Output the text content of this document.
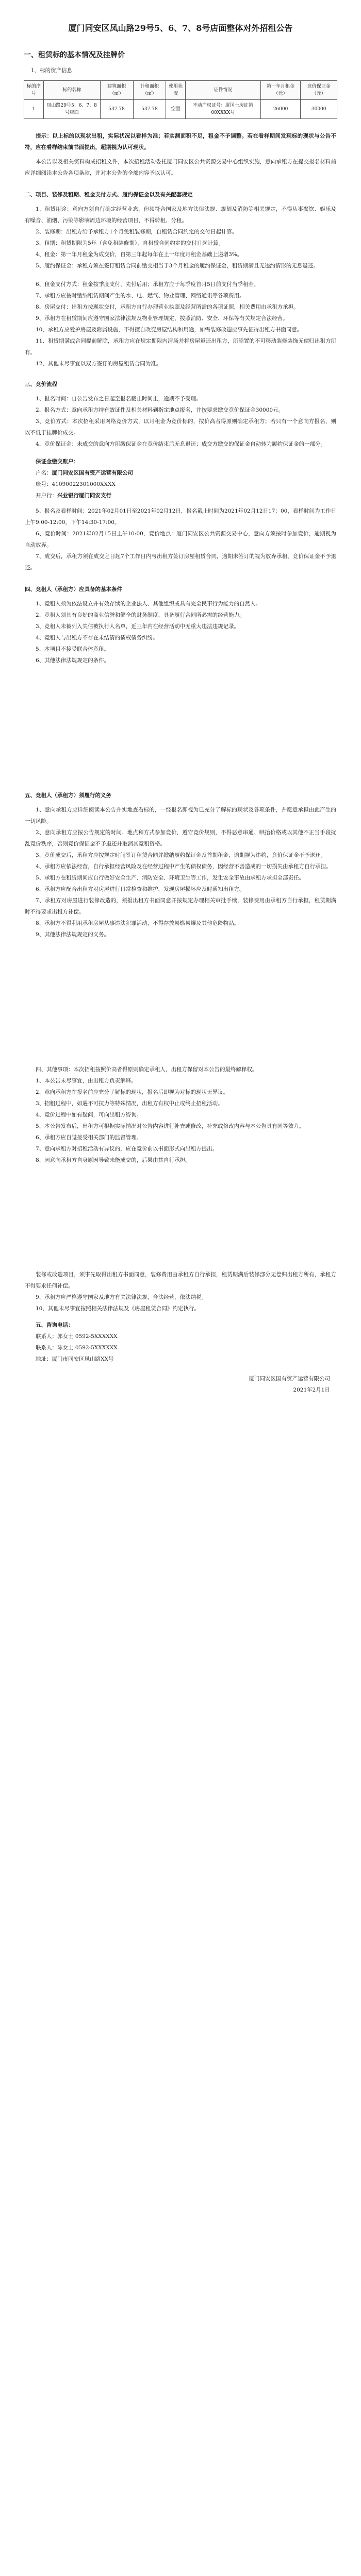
厦门同安区凤山路29号5、6、7、8号店面整体对外招租公告
一、租赁标的基本情况及挂牌价
1、标的资产信息
标的序号	标的名称	建筑面积（㎡）	计租面积（㎡）	使用状况	证件情况	第一年月租金（元）	竞价保证金（元）
1	凤山路29号5、6、7、8号店面	537.78	537.78	空置	不动产权证号：厦国土房证第00XXXX号	26000	30000
提示：以上标的以现状出租，实际状况以看样为准；若实测面积不足，租金不予调整。若在看样期间发现标的现状与公告不符，应在看样结束前书面提出，超期视为认可现状。
本公告以及相关资料构成招租文件，本次招租活动委托厦门同安区公共资源交易中心组织实施，意向承租方在提交报名材料前应详细阅读本公告各项条款，并对本公告的全部内容予以认可。
二、项目、装修及租期、租金支付方式、履约保证金以及有关配套规定
1、租赁用途：意向方须自行确定经营业态，但须符合国家及地方法律法规、规划及消防等相关规定，不得从事餐饮、娱乐及有噪音、油烟、污染等影响周边环境的经营项目，不得转租、分租。
2、装修期：出租方给予承租方1个月免租装修期，自租赁合同约定的交付日起计算。
3、租期：租赁期限为5年（含免租装修期），自租赁合同约定的交付日起计算。
4、租金：第一年月租金为成交价，自第三年起每年在上一年度月租金基础上递增3%。
5、履约保证金：承租方须在签订租赁合同前缴交相当于3个月租金的履约保证金，租赁期满且无违约情形的无息退还。
6、租金支付方式：租金按季度支付，先付后用；承租方应于每季度首月5日前支付当季租金。
7、承租方应按时缴纳租赁期间产生的水、电、燃气、物业管理、网络通讯等各项费用。
8、房屋交付：出租方按现状交付，承租方自行办理营业执照及经营所需的各项证照，相关费用由承租方承担。
9、承租方在租赁期间应遵守国家法律法规及物业管理规定，按照消防、安全、环保等有关规定合法经营。
10、承租方应爱护房屋及附属设施，不得擅自改变房屋结构和用途，如需装修改造应事先征得出租方书面同意。
11、租赁期满或合同提前解除，承租方应在规定期限内清场并将房屋返还出租方，所添置的不可移动装修装饰无偿归出租方所有。
12、其他未尽事宜以双方签订的房屋租赁合同为准。
三、竞价流程
1、报名时间：自公告发布之日起至报名截止时间止，逾期不予受理。
2、报名方式：意向承租方持有效证件及相关材料到指定地点报名，并按要求缴交竞价保证金30000元。
3、竞价方式：本次招租采用网络竞价方式，以月租金为竞价标的，按价高者得原则确定承租方；若只有一个意向方报名，则以不低于挂牌价成交。
4、竞价保证金：未成交的意向方所缴保证金在竞价结束后无息退还；成交方缴交的保证金自动转为履约保证金的一部分。
保证金缴交账户：
户名：厦门同安区国有资产运营有限公司
账号：41090022301000XXXX
开户行：兴业银行厦门同安支行
5、报名及看样时间：2021年02月01日至2021年02月12日，报名截止时间为2021年02月12日17：00，看样时间为工作日上午9:00-12:00，下午14:30-17:00。
6、竞价时间：2021年02月15日上午10:00，竞价地点：厦门同安区公共资源交易中心，意向方须按时参加竞价，逾期视为自动放弃。
7、成交后，承租方须在成交之日起7个工作日内与出租方签订房屋租赁合同，逾期未签订的视为放弃承租，竞价保证金不予退还。
四、竞租人（承租方）应具备的基本条件
1、竞租人须为依法设立并有效存续的企业法人、其他组织或具有完全民事行为能力的自然人。
2、竞租人须具有良好的商业信誉和健全的财务制度，具备履行合同所必需的经营能力。
3、竞租人未被列入失信被执行人名单，近三年内在经营活动中无重大违法违规记录。
4、竞租人与出租方不存在未结清的债权债务纠纷。
5、本项目不接受联合体竞租。
6、其他法律法规规定的条件。
五、竞租人（承租方）须履行的义务
1、意向承租方应详细阅读本公告并实地查看标的，一经报名即视为已充分了解标的现状及各项条件，并愿意承担由此产生的一切风险。
2、意向承租方应按公告规定的时间、地点和方式参加竞价，遵守竞价规则，不得恶意串通、哄抬价格或以其他不正当手段扰乱竞价秩序，否则竞价保证金不予退还并取消其竞租资格。
3、竞价成交后，承租方应按规定时间签订租赁合同并缴纳履约保证金及首期租金，逾期视为违约，竞价保证金不予退还。
4、承租方应依法经营，自行承担经营风险及在经营过程中产生的债权债务，因经营不善造成的一切损失由承租方自行承担。
5、承租方在租赁期间应自行做好安全生产、消防安全、环境卫生等工作，发生安全事故由承租方承担全部责任。
6、承租方应配合出租方对房屋进行日常检查和维护，发现房屋损坏应及时通知出租方。
7、承租方对房屋进行装修改造的，须报出租方书面同意并按规定办理相关审批手续，装修费用由承租方自行承担，租赁期满时不得要求出租方补偿。
8、承租方不得利用承租房屋从事违法犯罪活动，不得存放易燃易爆及其他危险物品。
9、其他法律法规规定的义务。
四、其他事项：本次招租按照价高者得原则确定承租人，出租方保留对本公告的最终解释权。
1、本公告未尽事宜，由出租方负责解释。
2、意向承租方在报名前应充分了解标的现状，报名后即视为对标的现状无异议。
3、招租过程中，如遇不可抗力等特殊情况，出租方有权中止或终止招租活动。
4、竞价过程中如有疑问，可向出租方咨询。
5、本公告发布后，出租方可根据实际情况对公告内容进行补充或修改，补充或修改内容与本公告具有同等效力。
6、承租方应自觉接受相关部门的监督管理。
7、意向承租方对招租活动有异议的，应在竞价前以书面形式向出租方提出。
8、因意向承租方自身原因导致未能成交的，后果由其自行承担。
装修或改造项目，须事先取得出租方书面同意，装修费用由承租方自行承担，租赁期满后装修部分无偿归出租方所有，承租方不得要求任何补偿。
9、承租方应严格遵守国家及地方有关法律法规，合法经营，依法纳税。
10、其他未尽事宜按照相关法律法规及《房屋租赁合同》约定执行。
五、咨询电话：
联系人：郭女士 0592-5XXXXXX
联系人：陈女士 0592-5XXXXXX
地址：厦门市同安区凤山路XX号
厦门同安区国有资产运营有限公司
2021年2月1日
